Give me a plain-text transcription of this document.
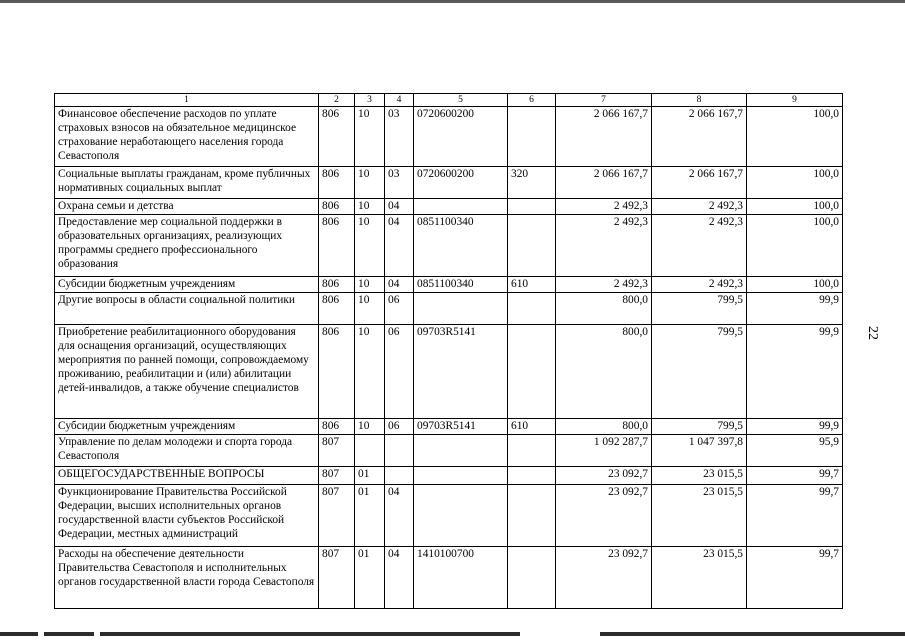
1	2	3	4	5	6	7	8	9
Финансовое обеспечение расходов по уплате страховых взносов на обязательное медицинское страхование неработающего населения города Севастополя	806	10	03	0720600200		2 066 167,7	2 066 167,7	100,0
Социальные выплаты гражданам, кроме публичных нормативных социальных выплат	806	10	03	0720600200	320	2 066 167,7	2 066 167,7	100,0
Охрана семьи и детства	806	10	04			2 492,3	2 492,3	100,0
Предоставление мер социальной поддержки в образовательных организациях, реализующих программы среднего профессионального образования	806	10	04	0851100340		2 492,3	2 492,3	100,0
Субсидии бюджетным учреждениям	806	10	04	0851100340	610	2 492,3	2 492,3	100,0
Другие вопросы в области социальной политики	806	10	06			800,0	799,5	99,9
Приобретение реабилитационного оборудования для оснащения организаций, осуществляющих мероприятия по ранней помощи, сопровождаемому проживанию, реабилитации и (или) абилитации детей-инвалидов, а также обучение специалистов	806	10	06	09703R5141		800,0	799,5	99,9
Субсидии бюджетным учреждениям	806	10	06	09703R5141	610	800,0	799,5	99,9
Управление по делам молодежи и спорта города Севастополя	807					1 092 287,7	1 047 397,8	95,9
ОБЩЕГОСУДАРСТВЕННЫЕ ВОПРОСЫ	807	01				23 092,7	23 015,5	99,7
Функционирование Правительства Российской Федерации, высших исполнительных органов государственной власти субъектов Российской Федерации, местных администраций	807	01	04			23 092,7	23 015,5	99,7
Расходы на обеспечение деятельности Правительства Севастополя и исполнительных органов государственной власти города Севастополя	807	01	04	1410100700		23 092,7	23 015,5	99,7
22
